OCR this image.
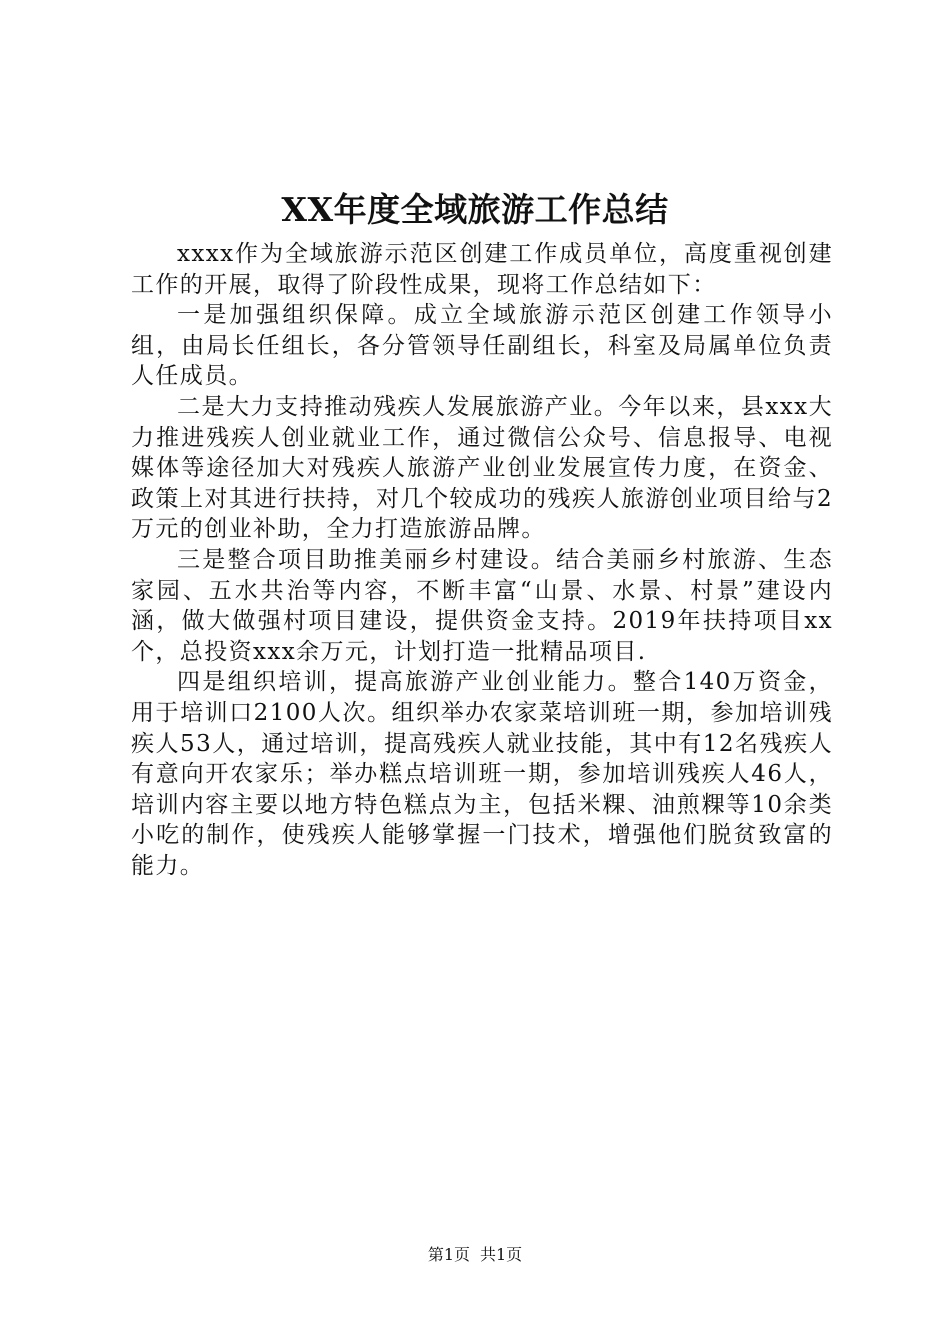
XX年度全域旅游工作总结

xxxx作为全域旅游示范区创建工作成员单位，高度重视创建工作的开展，取得了阶段性成果，现将工作总结如下：

一是加强组织保障。成立全域旅游示范区创建工作领导小组，由局长任组长，各分管领导任副组长，科室及局属单位负责人任成员。

二是大力支持推动残疾人发展旅游产业。今年以来，县xxx大力推进残疾人创业就业工作，通过微信公众号、信息报导、电视媒体等途径加大对残疾人旅游产业创业发展宣传力度，在资金、政策上对其进行扶持，对几个较成功的残疾人旅游创业项目给与2万元的创业补助，全力打造旅游品牌。

三是整合项目助推美丽乡村建设。结合美丽乡村旅游、生态家园、五水共治等内容，不断丰富“山景、水景、村景”建设内涵，做大做强村项目建设，提供资金支持。2019年扶持项目xx个，总投资xxx余万元，计划打造一批精品项目.

四是组织培训，提高旅游产业创业能力。整合140万资金，用于培训口2100人次。组织举办农家菜培训班一期，参加培训残疾人53人，通过培训，提高残疾人就业技能，其中有12名残疾人有意向开农家乐；举办糕点培训班一期，参加培训残疾人46人，培训内容主要以地方特色糕点为主，包括米粿、油煎粿等10余类小吃的制作，使残疾人能够掌握一门技术，增强他们脱贫致富的能力。

第1页 共1页
